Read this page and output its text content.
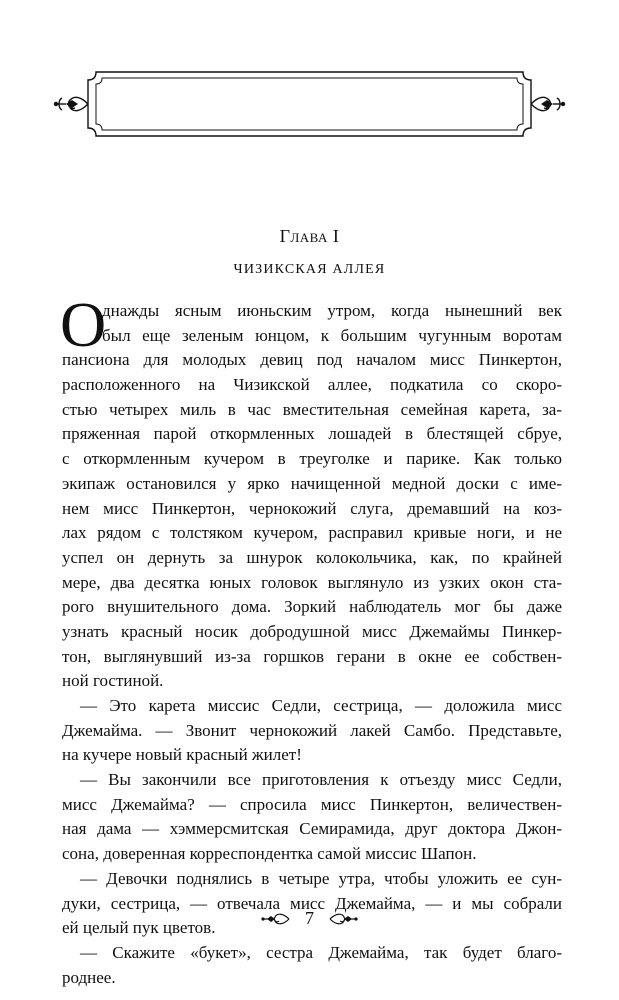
Глава I
ЧИЗИКСКАЯ АЛЛЕЯ
О
днажды ясным июньским утром, когда нынешний век
был еще зеленым юнцом, к большим чугунным воротам
пансиона для молодых девиц под началом мисс Пинкертон,
расположенного на Чизикской аллее, подкатила со скоро-
стью четырех миль в час вместительная семейная карета, за-
пряженная парой откормленных лошадей в блестящей сбруе,
с откормленным кучером в треуголке и парике. Как только
экипаж остановился у ярко начищенной медной доски с име-
нем мисс Пинкертон, чернокожий слуга, дремавший на коз-
лах рядом с толстяком кучером, расправил кривые ноги, и не
успел он дернуть за шнурок колокольчика, как, по крайней
мере, два десятка юных головок выглянуло из узких окон ста-
рого внушительного дома. Зоркий наблюдатель мог бы даже
узнать красный носик добродушной мисс Джемаймы Пинкер-
тон, выглянувший из-за горшков герани в окне ее собствен-
ной гостиной.
— Это карета миссис Седли, сестрица, — доложила мисс
Джемайма. — Звонит чернокожий лакей Самбо. Представьте,
на кучере новый красный жилет!
— Вы закончили все приготовления к отъезду мисс Седли,
мисс Джемайма? — спросила мисс Пинкертон, величествен-
ная дама — хэммерсмитская Семирамида, друг доктора Джон-
сона, доверенная корреспондентка самой миссис Шапон.
— Девочки поднялись в четыре утра, чтобы уложить ее сун-
дуки, сестрица, — отвечала мисс Джемайма, — и мы собрали
ей целый пук цветов.
— Скажите «букет», сестра Джемайма, так будет благо-
роднее.
7
